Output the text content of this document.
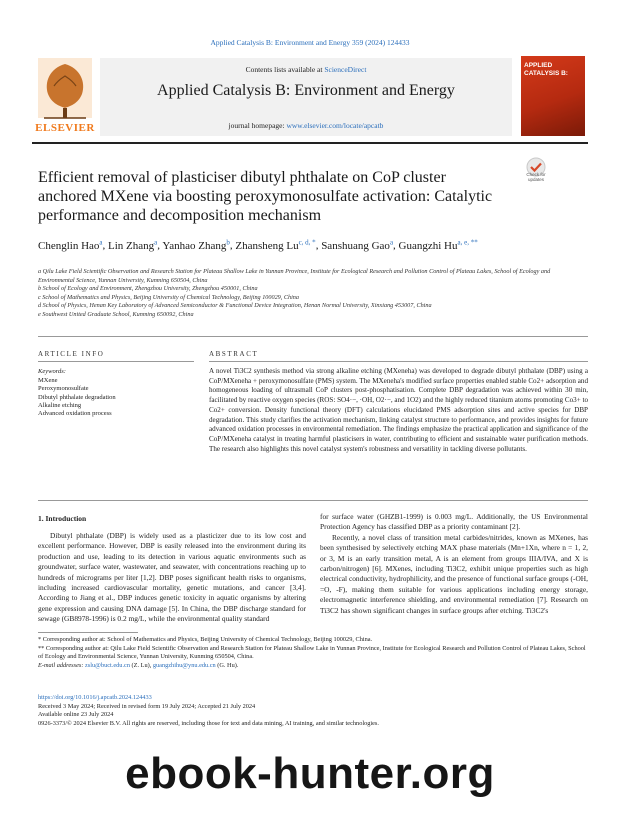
Applied Catalysis B: Environment and Energy 359 (2024) 124433
Contents lists available at ScienceDirect
Applied Catalysis B: Environment and Energy
journal homepage: www.elsevier.com/locate/apcatb
ELSEVIER
APPLIED CATALYSIS B:
Efficient removal of plasticiser dibutyl phthalate on CoP cluster anchored MXene via boosting peroxymonosulfate activation: Catalytic performance and decomposition mechanism
Check for updates
Chenglin Hao$^a$, Lin Zhang$^a$, Yanhao Zhang$^b$, Zhansheng $Lu^{c, d, *}$, Sanshuang Gao$^a$, Guangzhi $Hu^{a, e, **}$

a Qilu Lake Field Scientific Observation and Research Station for Plateau Shallow Lake in Yunnan Province, Institute for Ecological Research and Pollution Control of Plateau Lakes, School of Ecology and Environmental Science, Yunnan University, Kunming 650504, China

b School of Ecology and Environment, Zhengzhou University, Zhengzhou 450001, China

c School of Mathematics and Physics, Beijing University of Chemical Technology, Beijing 100029, China

d School of Physics, Henan Key Laboratory of Advanced Semiconductor & Functional Device Integration, Henan Normal University, Xinxiang 453007, China

e Southwest United Graduate School, Kunming 650092, China

ARTICLE INFO
Keywords:

MXene

Peroxymonosulfate

Dibutyl phthalate degradation

Alkaline etching

Advanced oxidation process

ABSTRACT
A novel Ti3C2 synthesis method via strong alkaline etching (MXeneha) was developed to degrade dibutyl phthalate (DBP) using a CoP/MXeneha + peroxymonosulfate (PMS) system. The MXeneha's modified surface properties enabled stable Co2+ adsorption and homogeneous loading of ultrasmall CoP clusters post-phosphatisation. Complete DBP degradation was achieved within 30 min, facilitated by reactive oxygen species (ROS: SO4·−, ·OH, O2·−, and 1O2) and the highly reduced titanium atoms promoting Co3+ to Co2+ conversion. Density functional theory (DFT) calculations elucidated PMS adsorption sites and active species for DBP degradation. This study clarifies the activation mechanism, linking catalyst structure to performance, and provides insights for future advanced oxidation processes in environmental remediation. The findings emphasize the practical application and significance of the CoP/MXeneha catalyst in treating harmful plasticisers in water, contributing to efficient and sustainable water purification methods. The research also highlights this novel catalyst system's robustness and versatility in tackling diverse pollutants.
1. Introduction
Dibutyl phthalate (DBP) is widely used as a plasticizer due to its low cost and excellent performance. However, DBP is easily released into the environment during its production and use, leading to its detection in various aquatic environments such as groundwater, surface water, wastewater, and seawater, with concentrations reaching up to hundreds of micrograms per liter [1,2]. DBP poses significant health risks to organisms, including increased cardiovascular mortality, genetic mutations, and cancer [3,4]. According to Jiang et al., DBP induces genetic toxicity in aquatic organisms by altering gene expression and causing DNA damage [5]. In China, the DBP discharge standard for sewage (GB8978-1996) is 0.2 mg/L, while the environmental quality standard

for surface water (GHZB1-1999) is 0.003 mg/L. Additionally, the US Environmental Protection Agency has classified DBP as a priority contaminant [2].

Recently, a novel class of transition metal carbides/nitrides, known as MXenes, has been synthesised by selectively etching MAX phase materials (Mn+1Xn, where n = 1, 2, or 3, M is an early transition metal, A is an element from groups IIIA/IVA, and X is carbon/nitrogen) [6]. MXenes, including Ti3C2, exhibit unique properties such as high electrical conductivity, hydrophilicity, and the presence of functional surface groups (-OH, =O, -F), making them suitable for various applications including energy storage, electromagnetic interference shielding, and environmental remediation [7]. Research on Ti3C2 has shown significant changes in surface groups after etching. Ti3C2's

* Corresponding author at: School of Mathematics and Physics, Beijing University of Chemical Technology, Beijing 100029, China.

** Corresponding author at: Qilu Lake Field Scientific Observation and Research Station for Plateau Shallow Lake in Yunnan Province, Institute for Ecological Research and Pollution Control of Plateau Lakes, School of Ecology and Environmental Science, Yunnan University, Kunming 650504, China.

E-mail addresses: zslu@buct.edu.cn (Z. Lu), guangzhihu@ynu.edu.cn (G. Hu).

https://doi.org/10.1016/j.apcatb.2024.124433

Received 3 May 2024; Received in revised form 19 July 2024; Accepted 21 July 2024

Available online 23 July 2024

0926-3373/© 2024 Elsevier B.V. All rights are reserved, including those for text and data mining, AI training, and similar technologies.

ebook-hunter.org
